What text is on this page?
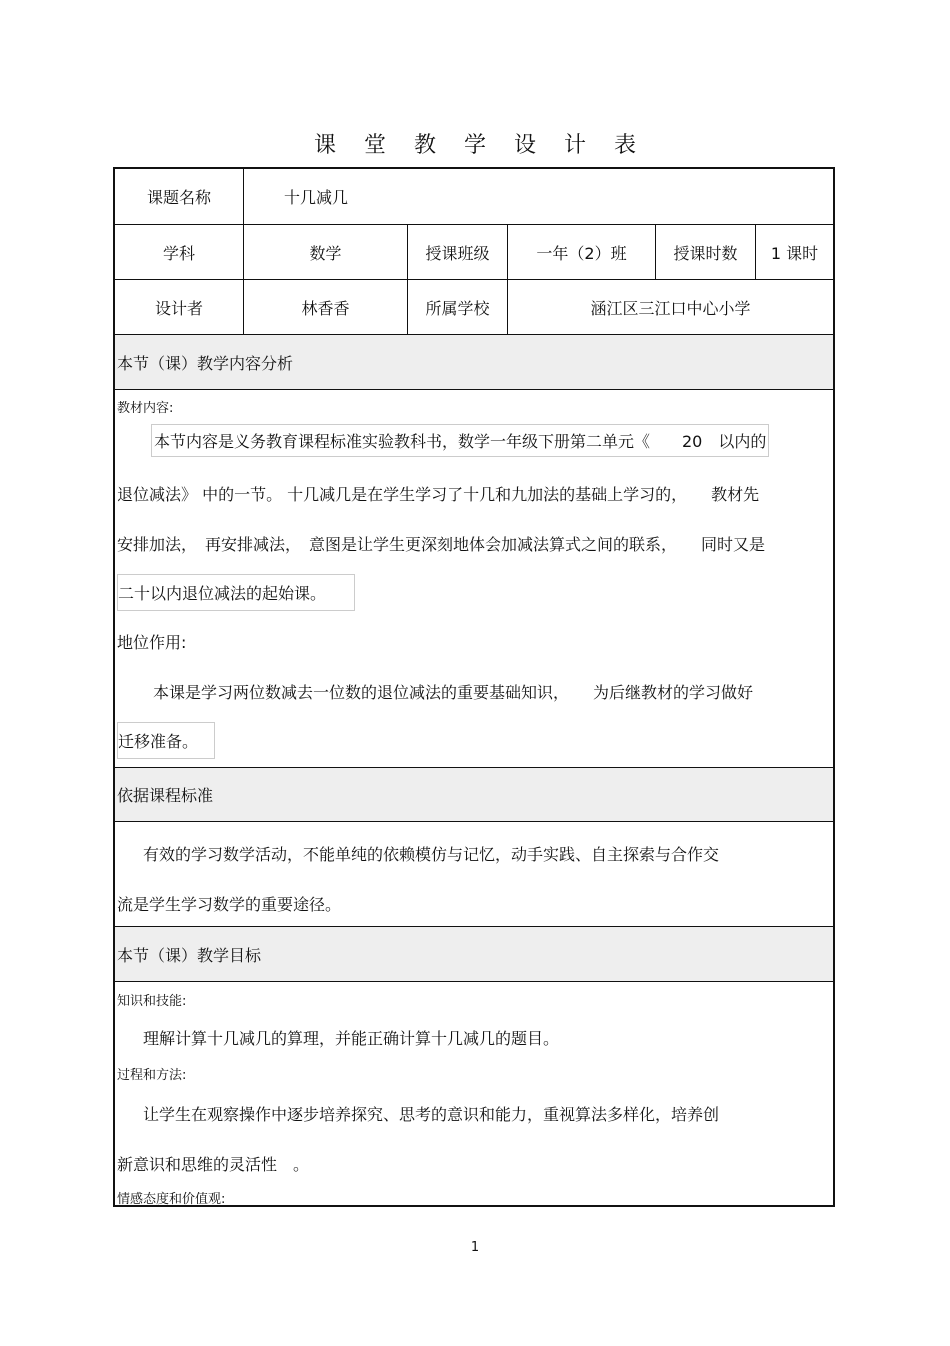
课 堂 教 学 设 计 表
课题名称	十几减几
学科	数学	授课班级	一年（2）班	授课时数	1 课时
设计者	林香香	所属学校	涵江区三江口中心小学
本节（课）教学内容分析
教材内容:
本节内容是义务教育课程标准实验教科书，数学一年级下册第二单元《　　20　以内的
退位减法》 中的一节。 十几减几是在学生学习了十几和九加法的基础上学习的，　　教材先
安排加法，　再安排减法，　意图是让学生更深刻地体会加减法算式之间的联系，　　同时又是
二十以内退位减法的起始课。
地位作用:
本课是学习两位数减去一位数的退位减法的重要基础知识，　　为后继教材的学习做好
迁移准备。
依据课程标准
有效的学习数学活动，不能单纯的依赖模仿与记忆，动手实践、自主探索与合作交
流是学生学习数学的重要途径。
本节（课）教学目标
知识和技能:
理解计算十几减几的算理，并能正确计算十几减几的题目。
过程和方法:
让学生在观察操作中逐步培养探究、思考的意识和能力，重视算法多样化，培养创
新意识和思维的灵活性　。
情感态度和价值观:
1
